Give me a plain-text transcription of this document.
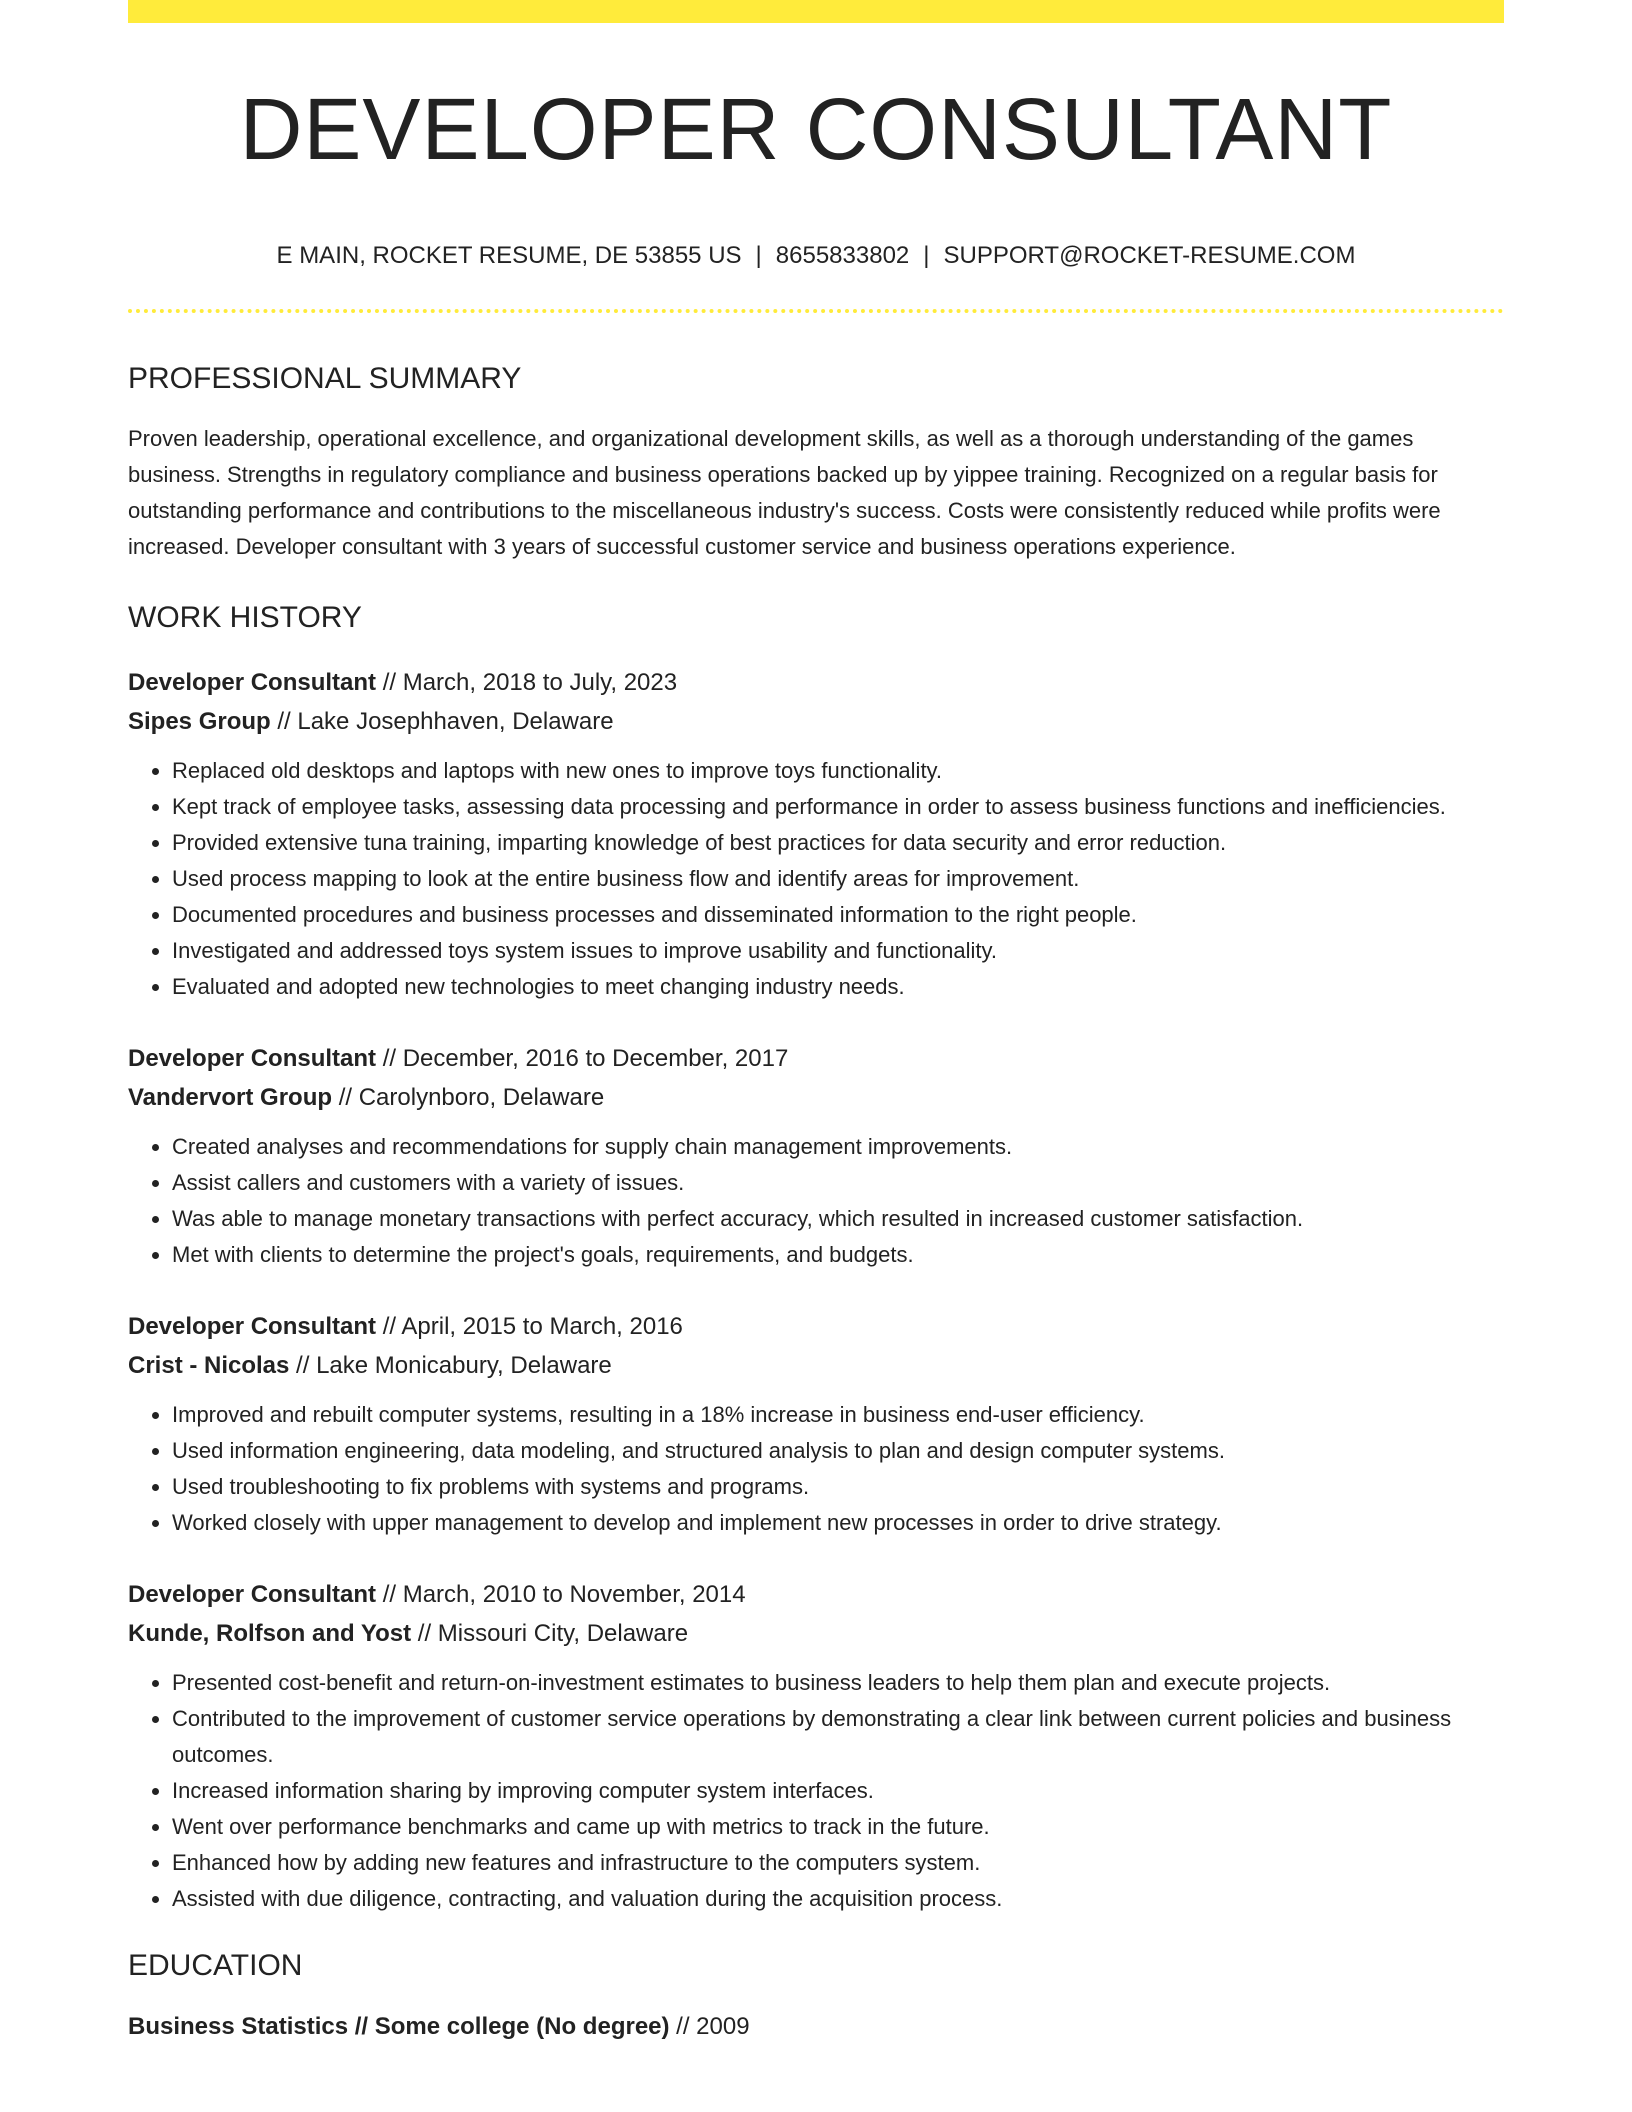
DEVELOPER CONSULTANT
E MAIN, ROCKET RESUME, DE 53855 US | 8655833802 | SUPPORT@ROCKET-RESUME.COM
PROFESSIONAL SUMMARY
Proven leadership, operational excellence, and organizational development skills, as well as a thorough understanding of the games business. Strengths in regulatory compliance and business operations backed up by yippee training. Recognized on a regular basis for outstanding performance and contributions to the miscellaneous industry's success. Costs were consistently reduced while profits were increased. Developer consultant with 3 years of successful customer service and business operations experience.
WORK HISTORY
Developer Consultant // March, 2018 to July, 2023
Sipes Group // Lake Josephhaven, Delaware
• Replaced old desktops and laptops with new ones to improve toys functionality.
• Kept track of employee tasks, assessing data processing and performance in order to assess business functions and inefficiencies.
• Provided extensive tuna training, imparting knowledge of best practices for data security and error reduction.
• Used process mapping to look at the entire business flow and identify areas for improvement.
• Documented procedures and business processes and disseminated information to the right people.
• Investigated and addressed toys system issues to improve usability and functionality.
• Evaluated and adopted new technologies to meet changing industry needs.
Developer Consultant // December, 2016 to December, 2017
Vandervort Group // Carolynboro, Delaware
• Created analyses and recommendations for supply chain management improvements.
• Assist callers and customers with a variety of issues.
• Was able to manage monetary transactions with perfect accuracy, which resulted in increased customer satisfaction.
• Met with clients to determine the project's goals, requirements, and budgets.
Developer Consultant // April, 2015 to March, 2016
Crist - Nicolas // Lake Monicabury, Delaware
• Improved and rebuilt computer systems, resulting in a 18% increase in business end-user efficiency.
• Used information engineering, data modeling, and structured analysis to plan and design computer systems.
• Used troubleshooting to fix problems with systems and programs.
• Worked closely with upper management to develop and implement new processes in order to drive strategy.
Developer Consultant // March, 2010 to November, 2014
Kunde, Rolfson and Yost // Missouri City, Delaware
• Presented cost-benefit and return-on-investment estimates to business leaders to help them plan and execute projects.
• Contributed to the improvement of customer service operations by demonstrating a clear link between current policies and business outcomes.
• Increased information sharing by improving computer system interfaces.
• Went over performance benchmarks and came up with metrics to track in the future.
• Enhanced how by adding new features and infrastructure to the computers system.
• Assisted with due diligence, contracting, and valuation during the acquisition process.
EDUCATION
Business Statistics // Some college (No degree) // 2009
